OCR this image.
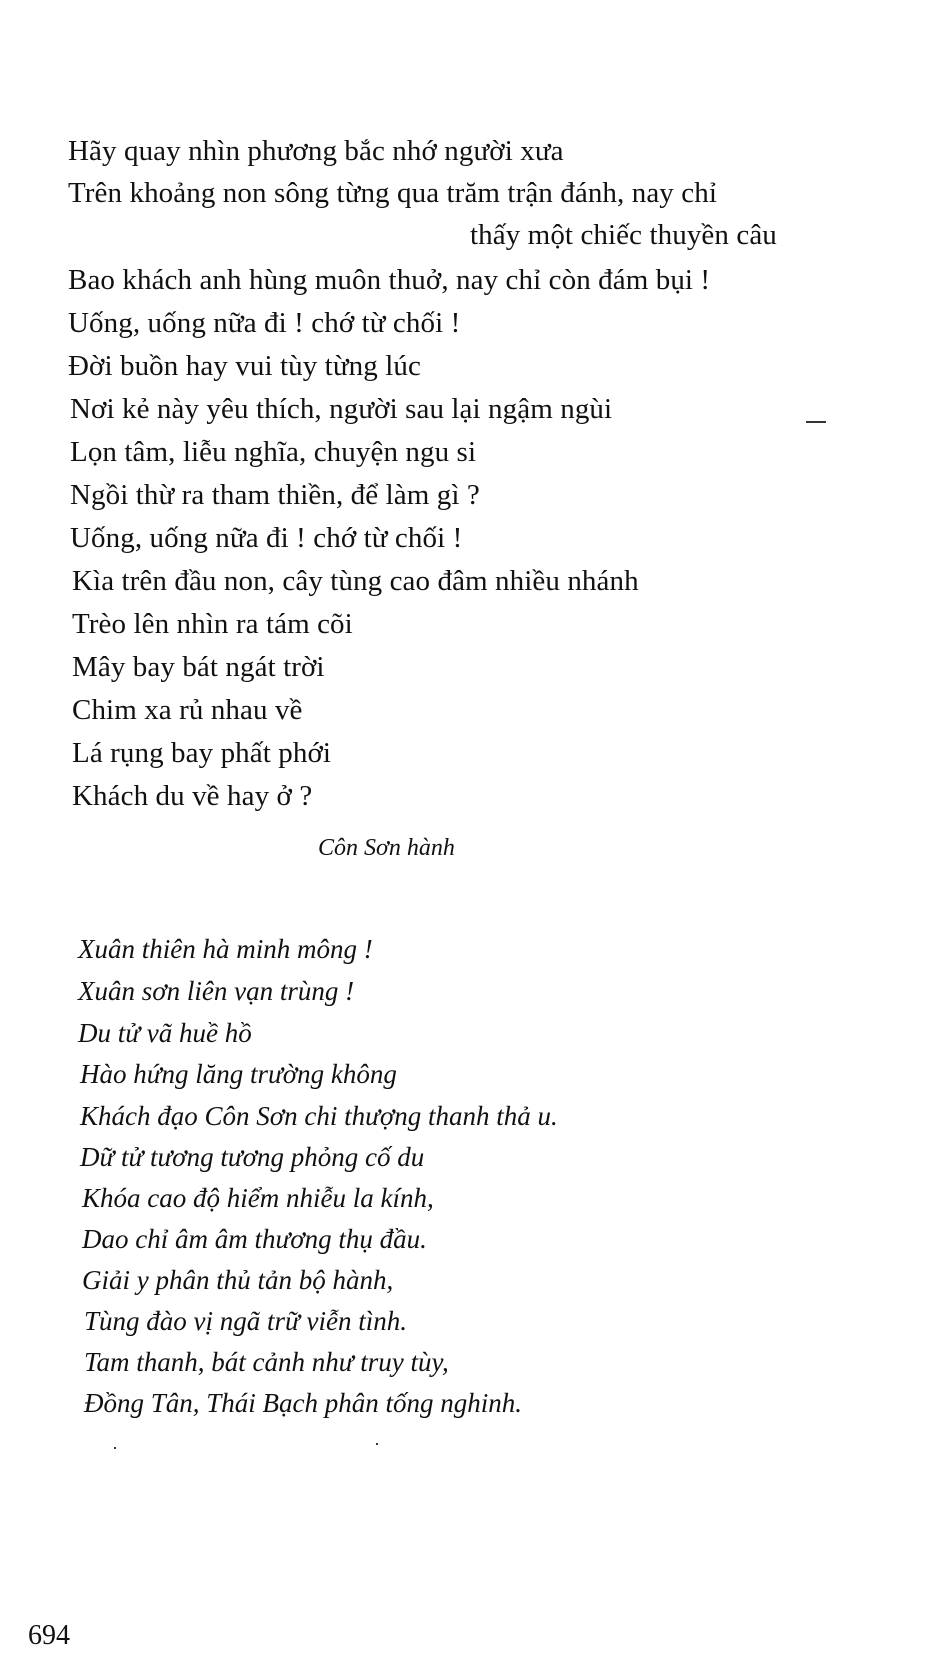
Hãy quay nhìn phương bắc nhớ người xưa
Trên khoảng non sông từng qua trăm trận đánh, nay chỉ
thấy một chiếc thuyền câu
Bao khách anh hùng muôn thuở, nay chỉ còn đám bụi !
Uống, uống nữa đi ! chớ từ chối !
Đời buồn hay vui tùy từng lúc
Nơi kẻ này yêu thích, người sau lại ngậm ngùi
Lọn tâm, liễu nghĩa, chuyện ngu si
Ngồi thừ ra tham thiền, để làm gì ?
Uống, uống nữa đi ! chớ từ chối !
Kìa trên đầu non, cây tùng cao đâm nhiều nhánh
Trèo lên nhìn ra tám cõi
Mây bay bát ngát trời
Chim xa rủ nhau về
Lá rụng bay phất phới
Khách du về hay ở ?
Côn Sơn hành
Xuân thiên hà minh mông !
Xuân sơn liên vạn trùng !
Du tử vã huề hồ
Hào hứng lăng trường không
Khách đạo Côn Sơn chi thượng thanh thả u.
Dữ tử tương tương phỏng cố du
Khóa cao độ hiểm nhiễu la kính,
Dao chỉ âm âm thương thụ đầu.
Giải y phân thủ tản bộ hành,
Tùng đào vị ngã trữ viễn tình.
Tam thanh, bát cảnh như truy tùy,
Đồng Tân, Thái Bạch phân tống nghinh.
694
